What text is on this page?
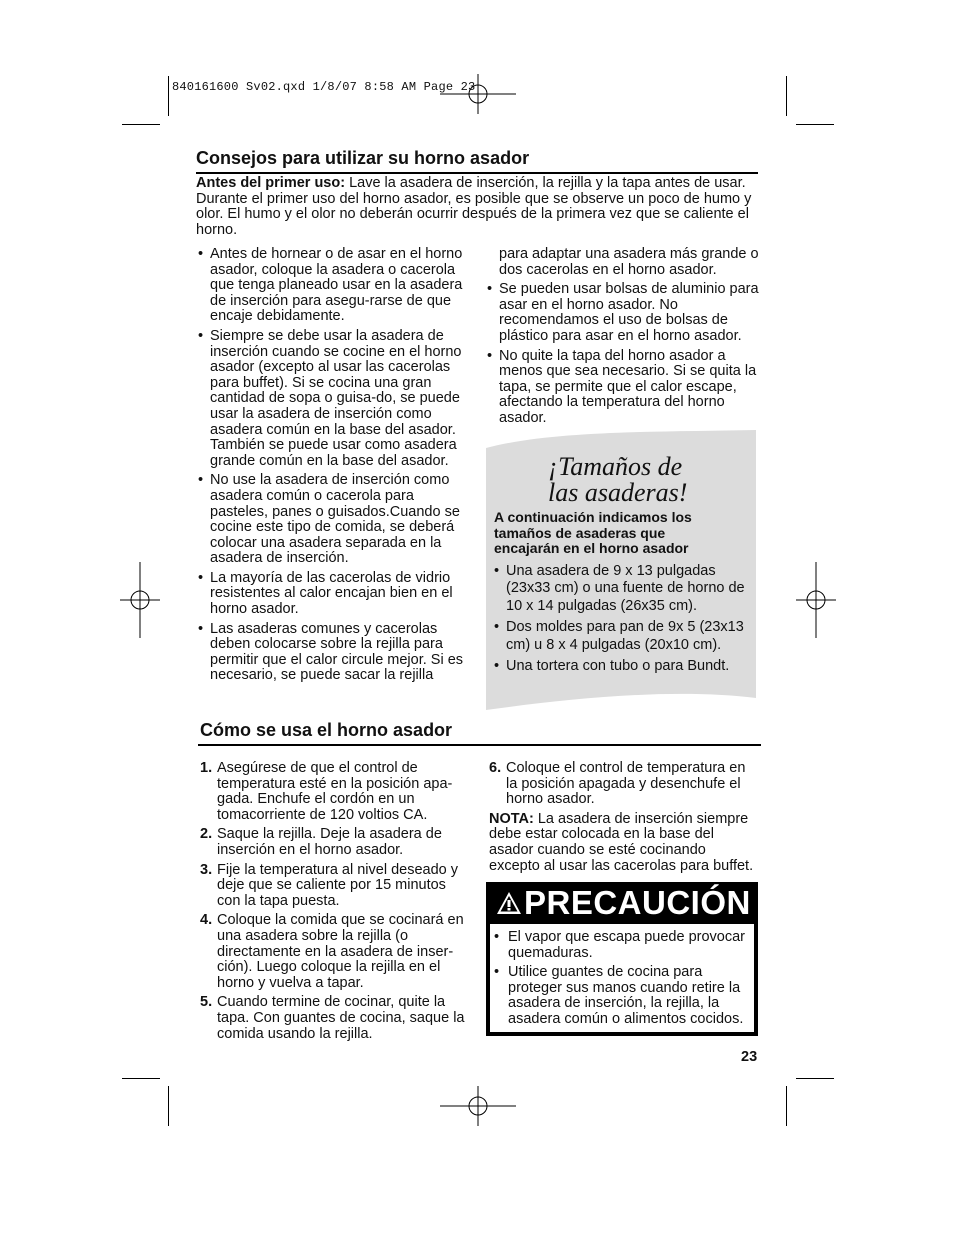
840161600 Sv02.qxd 1/8/07 8:58 AM Page 23
Consejos para utilizar su horno asador
Antes del primer uso: Lave la asadera de inserción, la rejilla y la tapa antes de usar. Durante el primer uso del horno asador, es posible que se observe un poco de humo y olor. El humo y el olor no deberán ocurrir después de la primera vez que se caliente el horno.
• Antes de hornear o de asar en el horno asador, coloque la asadera o cacerola que tenga planeado usar en la asadera de inserción para asegu-rarse de que encaje debidamente.
• Siempre se debe usar la asadera de inserción cuando se cocine en el horno asador (excepto al usar las cacerolas para buffet). Si se cocina una gran cantidad de sopa o guisa-do, se puede usar la asadera de inserción como asadera común en la base del asador. También se puede usar como asadera grande común en la base del asador.
• No use la asadera de inserción como asadera común o cacerola para pasteles, panes o guisados.Cuando se cocine este tipo de comida, se deberá colocar una asadera separada en la asadera de inserción.
• La mayoría de las cacerolas de vidrio resistentes al calor encajan bien en el horno asador.
• Las asaderas comunes y cacerolas deben colocarse sobre la rejilla para permitir que el calor circule mejor. Si es necesario, se puede sacar la rejilla
para adaptar una asadera más grande o dos cacerolas en el horno asador.
• Se pueden usar bolsas de aluminio para asar en el horno asador. No recomendamos el uso de bolsas de plástico para asar en el horno asador.
• No quite la tapa del horno asador a menos que sea necesario. Si se quita la tapa, se permite que el calor escape, afectando la temperatura del horno asador.
¡Tamaños de
las asaderas!
A continuación indicamos los tamaños de asaderas que encajarán en el horno asador
• Una asadera de 9 x 13 pulgadas (23x33 cm) o una fuente de horno de 10 x 14 pulgadas (26x35 cm).
• Dos moldes para pan de 9x 5 (23x13 cm) u 8 x 4 pulgadas (20x10 cm).
• Una tortera con tubo o para Bundt.
Cómo se usa el horno asador
1. Asegúrese de que el control de temperatura esté en la posición apa-gada. Enchufe el cordón en un tomacorriente de 120 voltios CA.
2. Saque la rejilla. Deje la asadera de inserción en el horno asador.
3. Fije la temperatura al nivel deseado y deje que se caliente por 15 minutos con la tapa puesta.
4. Coloque la comida que se cocinará en una asadera sobre la rejilla (o directamente en la asadera de inser-ción). Luego coloque la rejilla en el horno y vuelva a tapar.
5. Cuando termine de cocinar, quite la tapa. Con guantes de cocina, saque la comida usando la rejilla.
6. Coloque el control de temperatura en la posición apagada y desenchufe el horno asador.
NOTA: La asadera de inserción siempre debe estar colocada en la base del asador cuando se esté cocinando excepto al usar las cacerolas para buffet.
PRECAUCIÓN
• El vapor que escapa puede provocar quemaduras.
• Utilice guantes de cocina para proteger sus manos cuando retire la asadera de inserción, la rejilla, la asadera común o alimentos cocidos.
23
